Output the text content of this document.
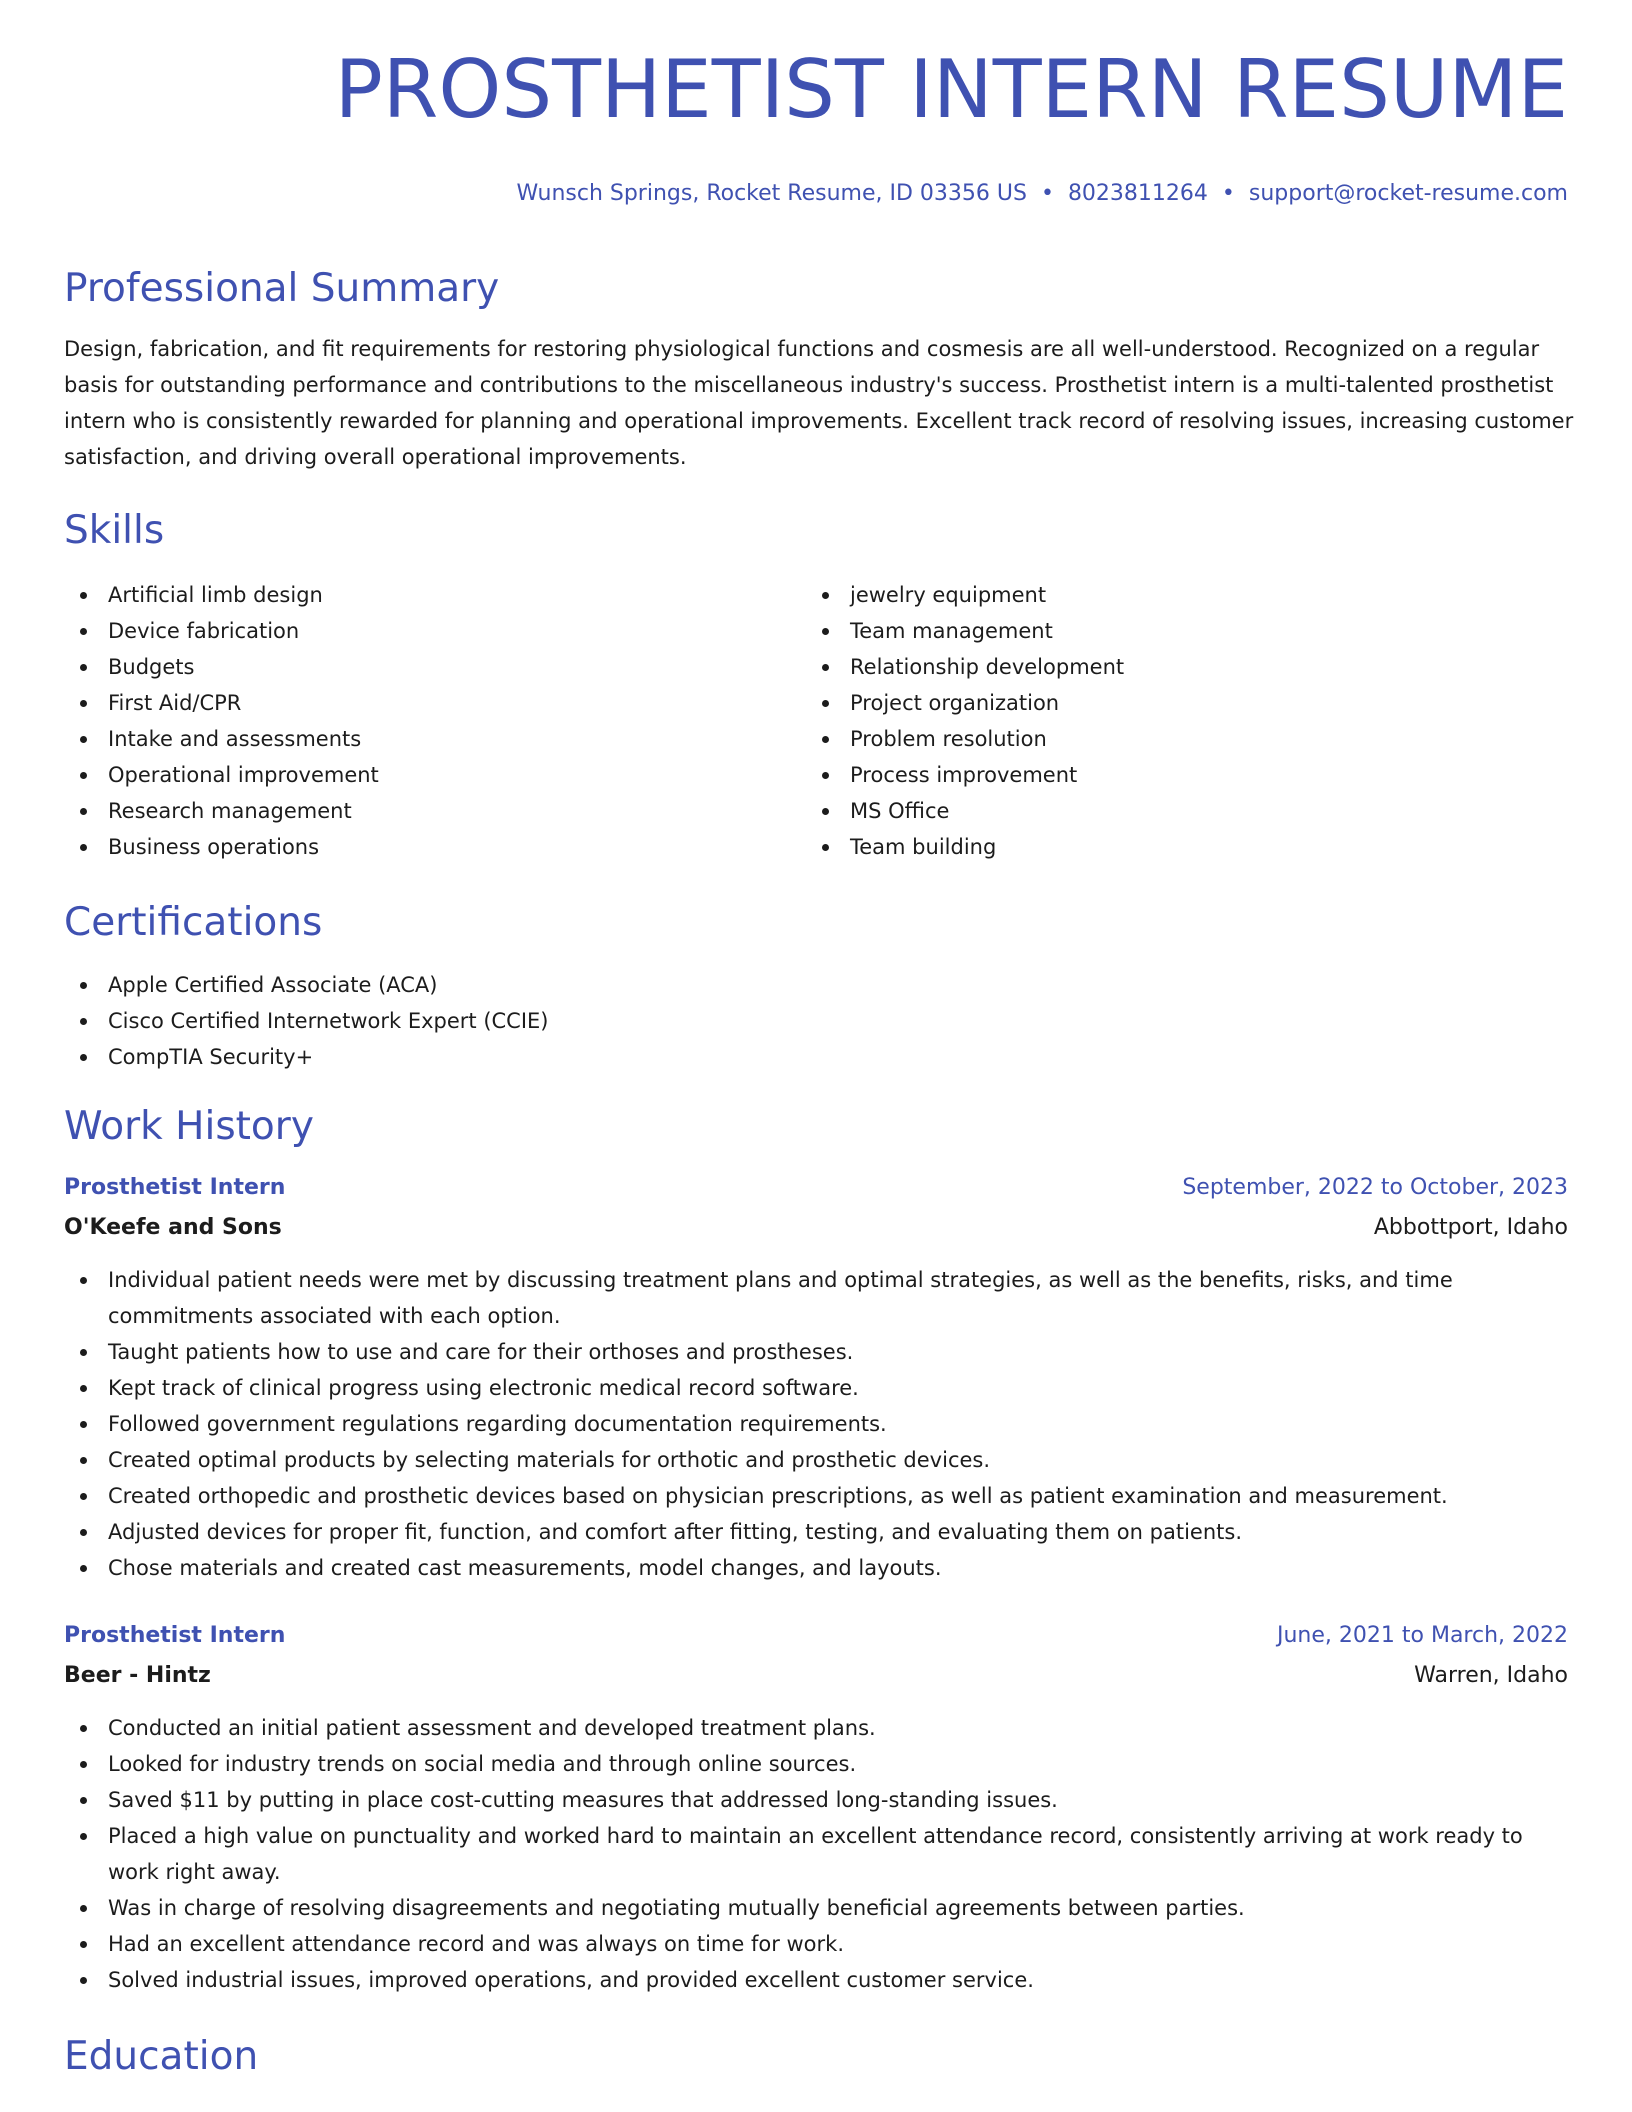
PROSTHETIST INTERN RESUME
Wunsch Springs, Rocket Resume, ID 03356 US • 8023811264 • support@rocket-resume.com
Professional Summary

Design, fabrication, and fit requirements for restoring physiological functions and cosmesis are all well-understood. Recognized on a regular basis for outstanding performance and contributions to the miscellaneous industry's success. Prosthetist intern is a multi-talented prosthetist intern who is consistently rewarded for planning and operational improvements. Excellent track record of resolving issues, increasing customer satisfaction, and driving overall operational improvements.

Skills
Artificial limb design
Device fabrication
Budgets
First Aid/CPR
Intake and assessments
Operational improvement
Research management
Business operations
jewelry equipment
Team management
Relationship development
Project organization
Problem resolution
Process improvement
MS Office
Team building
Certifications
Apple Certified Associate (ACA)
Cisco Certified Internetwork Expert (CCIE)
CompTIA Security+
Work History
Prosthetist Intern	September, 2022 to October, 2023
O'Keefe and Sons	Abbottport, Idaho
Individual patient needs were met by discussing treatment plans and optimal strategies, as well as the benefits, risks, and time commitments associated with each option.
Taught patients how to use and care for their orthoses and prostheses.
Kept track of clinical progress using electronic medical record software.
Followed government regulations regarding documentation requirements.
Created optimal products by selecting materials for orthotic and prosthetic devices.
Created orthopedic and prosthetic devices based on physician prescriptions, as well as patient examination and measurement.
Adjusted devices for proper fit, function, and comfort after fitting, testing, and evaluating them on patients.
Chose materials and created cast measurements, model changes, and layouts.
Prosthetist Intern	June, 2021 to March, 2022
Beer - Hintz	Warren, Idaho
Conducted an initial patient assessment and developed treatment plans.
Looked for industry trends on social media and through online sources.
Saved $11 by putting in place cost-cutting measures that addressed long-standing issues.
Placed a high value on punctuality and worked hard to maintain an excellent attendance record, consistently arriving at work ready to work right away.
Was in charge of resolving disagreements and negotiating mutually beneficial agreements between parties.
Had an excellent attendance record and was always on time for work.
Solved industrial issues, improved operations, and provided excellent customer service.
Education
